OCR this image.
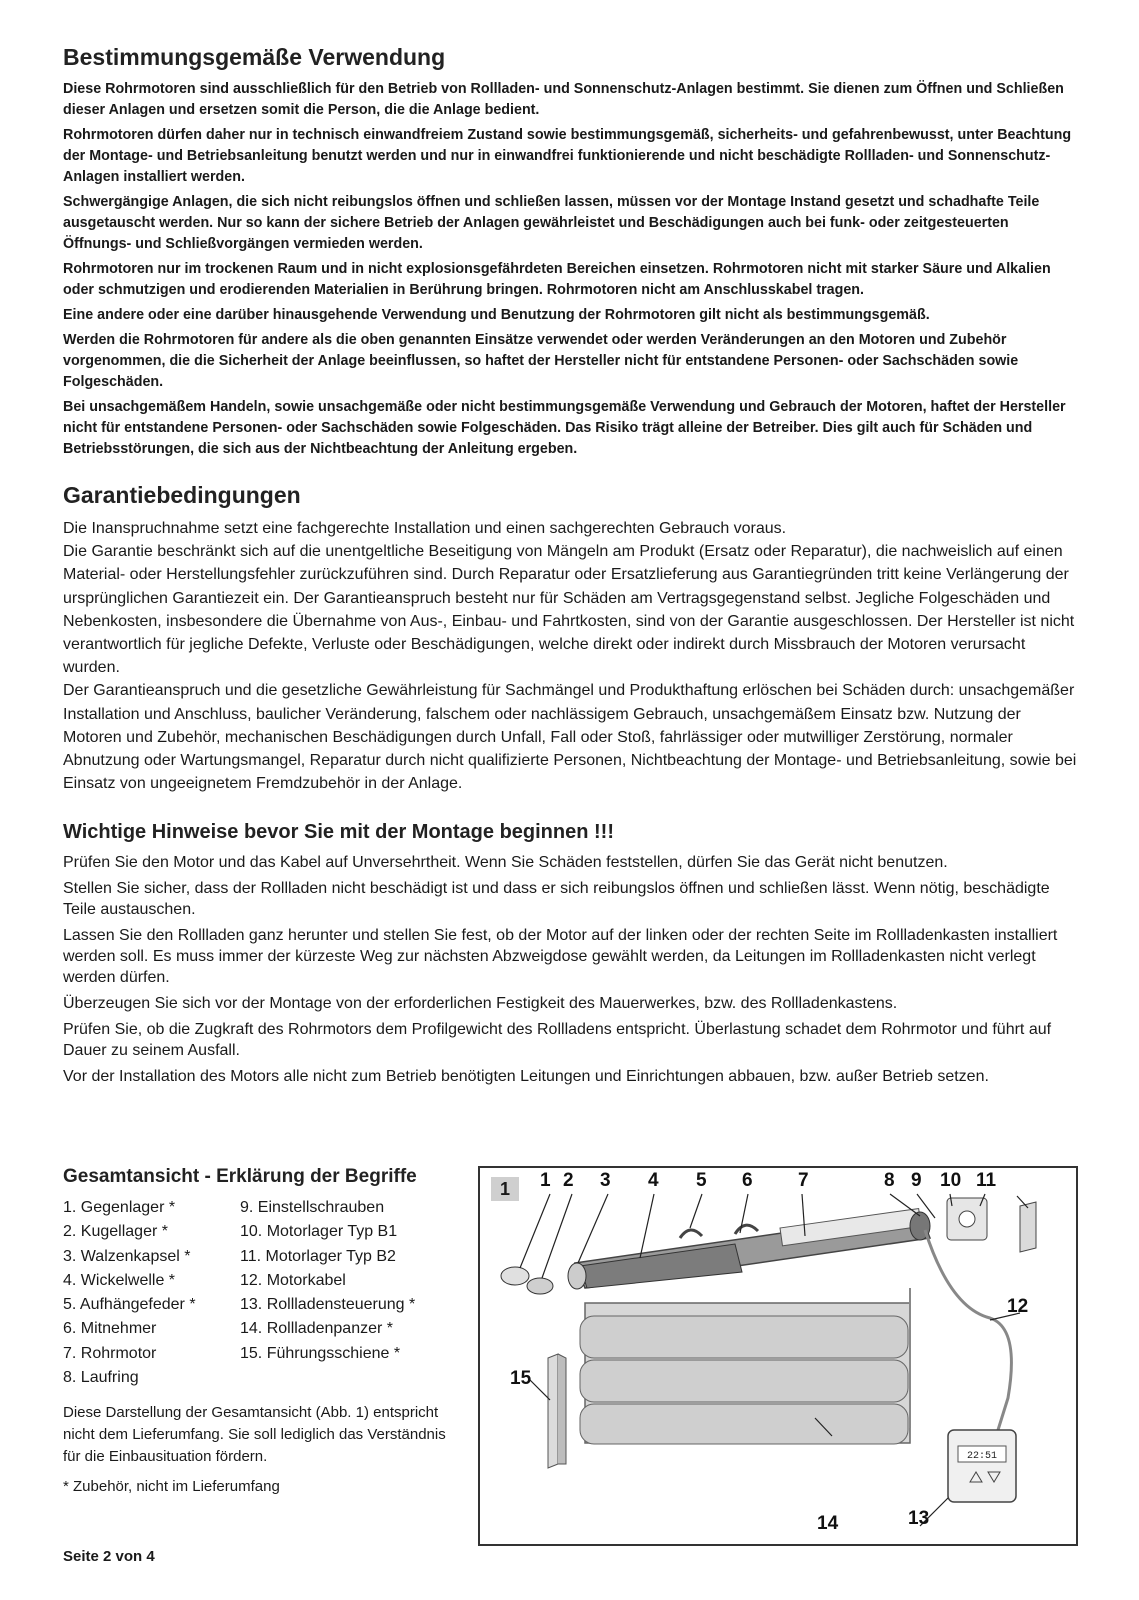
Bestimmungsgemäße Verwendung

Diese Rohrmotoren sind ausschließlich für den Betrieb von Rollladen- und Sonnenschutz-Anlagen bestimmt. Sie dienen zum Öffnen und Schließen dieser Anlagen und ersetzen somit die Person, die die Anlage bedient.

Rohrmotoren dürfen daher nur in technisch einwandfreiem Zustand sowie bestimmungsgemäß, sicherheits- und gefahrenbewusst, unter Beachtung der Montage- und Betriebsanleitung benutzt werden und nur in einwandfrei funktionierende und nicht beschädigte Rollladen- und Sonnenschutz-Anlagen installiert werden.

Schwergängige Anlagen, die sich nicht reibungslos öffnen und schließen lassen, müssen vor der Montage Instand gesetzt und schadhafte Teile ausgetauscht werden. Nur so kann der sichere Betrieb der Anlagen gewährleistet und Beschädigungen auch bei funk- oder zeitgesteuerten Öffnungs- und Schließvorgängen vermieden werden.

Rohrmotoren nur im trockenen Raum und in nicht explosionsgefährdeten Bereichen einsetzen. Rohrmotoren nicht mit starker Säure und Alkalien oder schmutzigen und erodierenden Materialien in Berührung bringen. Rohrmotoren nicht am Anschlusskabel tragen.

Eine andere oder eine darüber hinausgehende Verwendung und Benutzung der Rohrmotoren gilt nicht als bestimmungsgemäß.

Werden die Rohrmotoren für andere als die oben genannten Einsätze verwendet oder werden Veränderungen an den Motoren und Zubehör vorgenommen, die die Sicherheit der Anlage beeinflussen, so haftet der Hersteller nicht für entstandene Personen- oder Sachschäden sowie Folgeschäden.

Bei unsachgemäßem Handeln, sowie unsachgemäße oder nicht bestimmungsgemäße Verwendung und Gebrauch der Motoren, haftet der Hersteller nicht für entstandene Personen- oder Sachschäden sowie Folgeschäden. Das Risiko trägt alleine der Betreiber. Dies gilt auch für Schäden und Betriebsstörungen, die sich aus der Nichtbeachtung der Anleitung ergeben.

Garantiebedingungen

Die Inanspruchnahme setzt eine fachgerechte Installation und einen sachgerechten Gebrauch voraus.

Die Garantie beschränkt sich auf die unentgeltliche Beseitigung von Mängeln am Produkt (Ersatz oder Reparatur), die nachweislich auf einen Material- oder Herstellungsfehler zurückzuführen sind. Durch Reparatur oder Ersatzlieferung aus Garantiegründen tritt keine Verlängerung der ursprünglichen Garantiezeit ein. Der Garantieanspruch besteht nur für Schäden am Vertragsgegenstand selbst. Jegliche Folgeschäden und Nebenkosten, insbesondere die Übernahme von Aus-, Einbau- und Fahrtkosten, sind von der Garantie ausgeschlossen. Der Hersteller ist nicht verantwortlich für jegliche Defekte, Verluste oder Beschädigungen, welche direkt oder indirekt durch Missbrauch der Motoren verursacht wurden.

Der Garantieanspruch und die gesetzliche Gewährleistung für Sachmängel und Produkthaftung erlöschen bei Schäden durch: unsachgemäßer Installation und Anschluss, baulicher Veränderung, falschem oder nachlässigem Gebrauch, unsachgemäßem Einsatz bzw. Nutzung der Motoren und Zubehör, mechanischen Beschädigungen durch Unfall, Fall oder Stoß, fahrlässiger oder mutwilliger Zerstörung, normaler Abnutzung oder Wartungsmangel, Reparatur durch nicht qualifizierte Personen, Nichtbeachtung der Montage- und Betriebsanleitung, sowie bei Einsatz von ungeeignetem Fremdzubehör in der Anlage.

Wichtige Hinweise bevor Sie mit der Montage beginnen !!!

Prüfen Sie den Motor und das Kabel auf Unversehrtheit. Wenn Sie Schäden feststellen, dürfen Sie das Gerät nicht benutzen.

Stellen Sie sicher, dass der Rollladen nicht beschädigt ist und dass er sich reibungslos öffnen und schließen lässt. Wenn nötig, beschädigte Teile austauschen.

Lassen Sie den Rollladen ganz herunter und stellen Sie fest, ob der Motor auf der linken oder der rechten Seite im Rollladenkasten installiert werden soll. Es muss immer der kürzeste Weg zur nächsten Abzweigdose gewählt werden, da Leitungen im Rollladenkasten nicht verlegt werden dürfen.

Überzeugen Sie sich vor der Montage von der erforderlichen Festigkeit des Mauerwerkes, bzw. des Rollladenkastens.

Prüfen Sie, ob die Zugkraft des Rohrmotors dem Profilgewicht des Rollladens entspricht. Überlastung schadet dem Rohrmotor und führt auf Dauer zu seinem Ausfall.

Vor der Installation des Motors alle nicht zum Betrieb benötigten Leitungen und Einrichtungen abbauen, bzw. außer Betrieb setzen.

Gesamtansicht - Erklärung der Begriffe
1. Gegenlager *
2. Kugellager *
3. Walzenkapsel *
4. Wickelwelle *
5. Aufhängefeder *
6. Mitnehmer
7. Rohrmotor
8. Laufring
9. Einstellschrauben
10. Motorlager Typ B1
11. Motorlager Typ B2
12. Motorkabel
13. Rollladensteuerung *
14. Rollladenpanzer *
15. Führungsschiene *
Diese Darstellung der Gesamtansicht (Abb. 1) entspricht nicht dem Lieferumfang. Sie soll lediglich das Verständnis für die Einbausituation fördern.
* Zubehör, nicht im Lieferumfang
22:51
1	1 2 3 4 5 6 7	8 9 10 11
12
13
14
15
Seite 2 von 4
